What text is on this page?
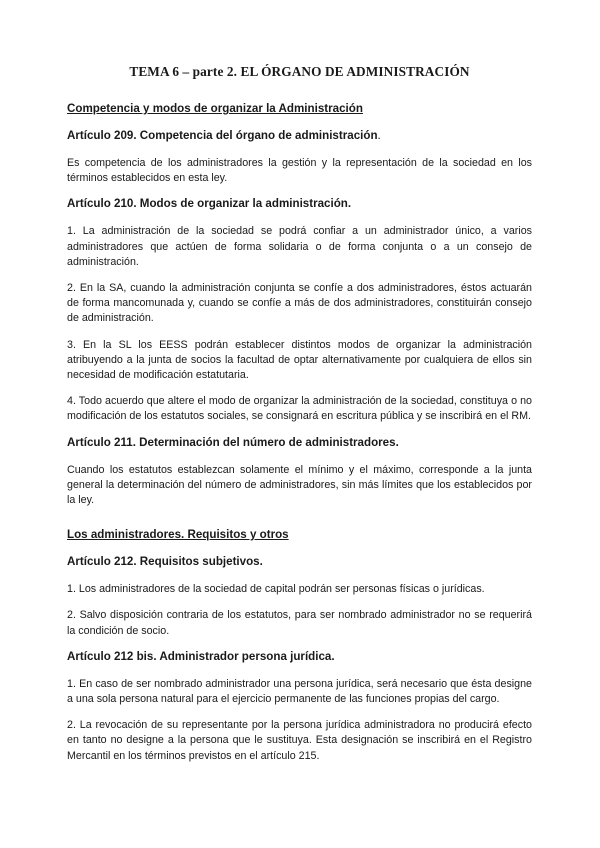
TEMA 6 – parte 2. EL ÓRGANO DE ADMINISTRACIÓN
Competencia y modos de organizar la Administración
Artículo 209. Competencia del órgano de administración.

Es competencia de los administradores la gestión y la representación de la sociedad en los términos establecidos en esta ley.

Artículo 210. Modos de organizar la administración.

1. La administración de la sociedad se podrá confiar a un administrador único, a varios administradores que actúen de forma solidaria o de forma conjunta o a un consejo de administración.

2. En la SA, cuando la administración conjunta se confíe a dos administradores, éstos actuarán de forma mancomunada y, cuando se confíe a más de dos administradores, constituirán consejo de administración.

3. En la SL los EESS podrán establecer distintos modos de organizar la administración atribuyendo a la junta de socios la facultad de optar alternativamente por cualquiera de ellos sin necesidad de modificación estatutaria.

4. Todo acuerdo que altere el modo de organizar la administración de la sociedad, constituya o no modificación de los estatutos sociales, se consignará en escritura pública y se inscribirá en el RM.

Artículo 211. Determinación del número de administradores.

Cuando los estatutos establezcan solamente el mínimo y el máximo, corresponde a la junta general la determinación del número de administradores, sin más límites que los establecidos por la ley.

Los administradores. Requisitos y otros
Artículo 212. Requisitos subjetivos.

1. Los administradores de la sociedad de capital podrán ser personas físicas o jurídicas.

2. Salvo disposición contraria de los estatutos, para ser nombrado administrador no se requerirá la condición de socio.

Artículo 212 bis. Administrador persona jurídica.

1. En caso de ser nombrado administrador una persona jurídica, será necesario que ésta designe a una sola persona natural para el ejercicio permanente de las funciones propias del cargo.

2. La revocación de su representante por la persona jurídica administradora no producirá efecto en tanto no designe a la persona que le sustituya. Esta designación se inscribirá en el Registro Mercantil en los términos previstos en el artículo 215.
